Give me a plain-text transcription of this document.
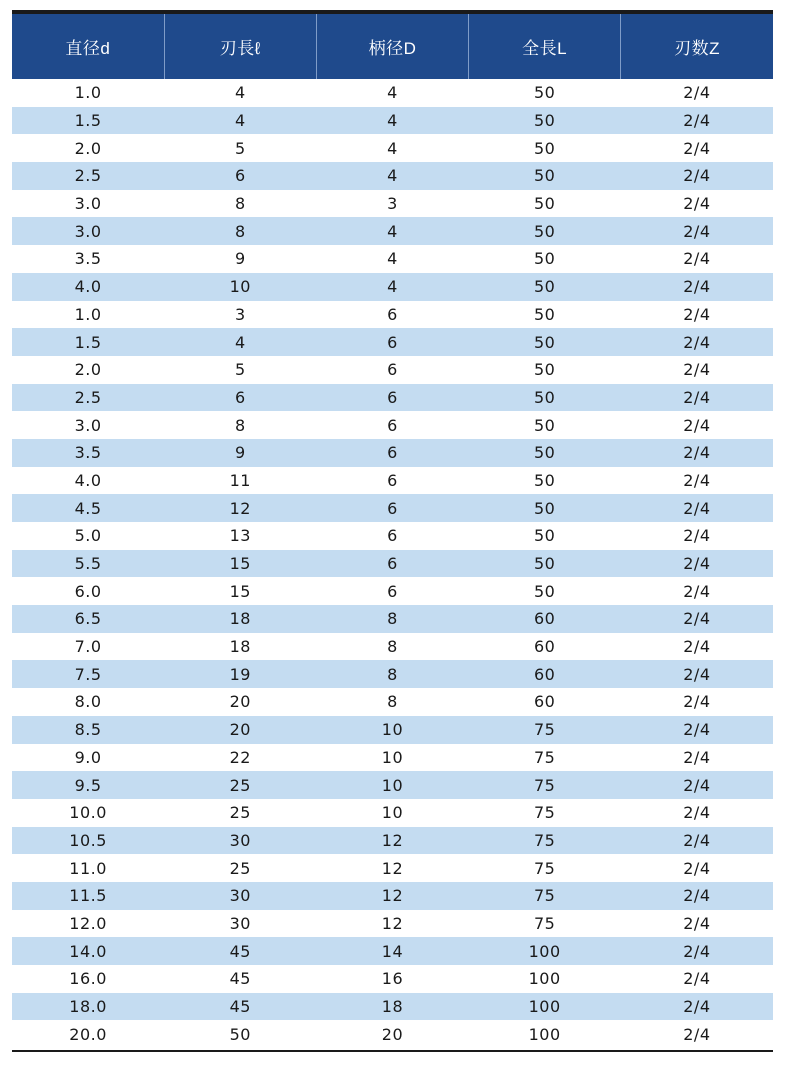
直径d	刃長ℓ	柄径D	全長L	刃数Z
1.0	4	4	50	2/4
1.5	4	4	50	2/4
2.0	5	4	50	2/4
2.5	6	4	50	2/4
3.0	8	3	50	2/4
3.0	8	4	50	2/4
3.5	9	4	50	2/4
4.0	10	4	50	2/4
1.0	3	6	50	2/4
1.5	4	6	50	2/4
2.0	5	6	50	2/4
2.5	6	6	50	2/4
3.0	8	6	50	2/4
3.5	9	6	50	2/4
4.0	11	6	50	2/4
4.5	12	6	50	2/4
5.0	13	6	50	2/4
5.5	15	6	50	2/4
6.0	15	6	50	2/4
6.5	18	8	60	2/4
7.0	18	8	60	2/4
7.5	19	8	60	2/4
8.0	20	8	60	2/4
8.5	20	10	75	2/4
9.0	22	10	75	2/4
9.5	25	10	75	2/4
10.0	25	10	75	2/4
10.5	30	12	75	2/4
11.0	25	12	75	2/4
11.5	30	12	75	2/4
12.0	30	12	75	2/4
14.0	45	14	100	2/4
16.0	45	16	100	2/4
18.0	45	18	100	2/4
20.0	50	20	100	2/4
